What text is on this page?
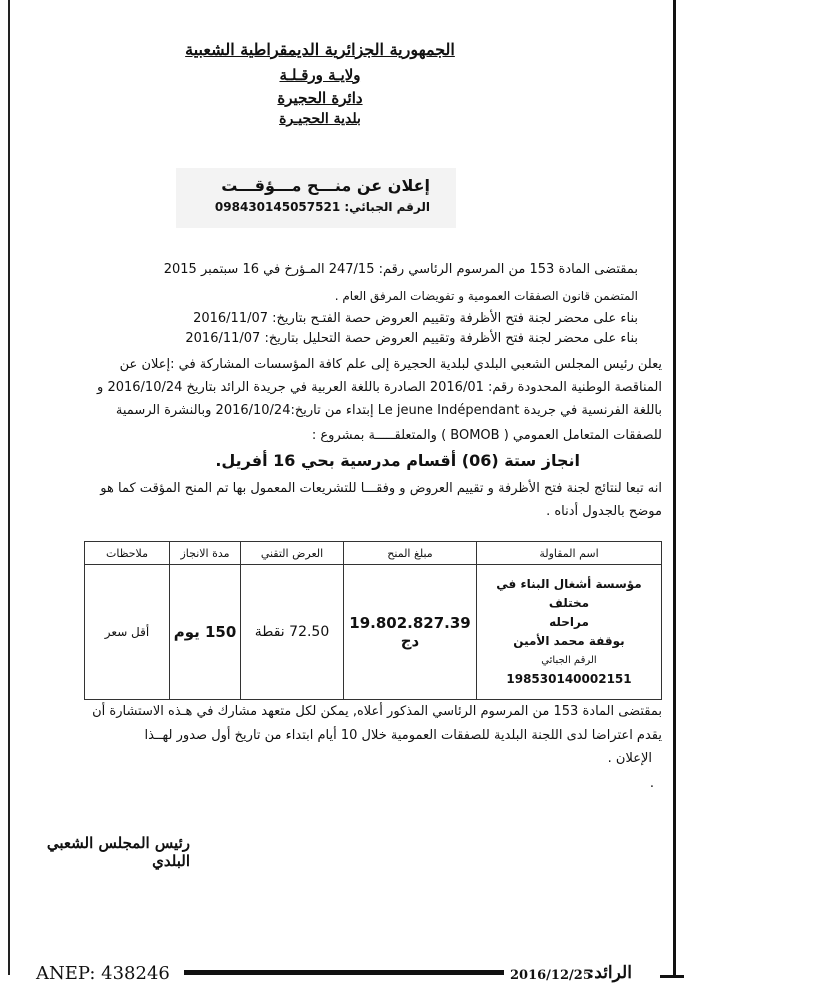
الجمهورية الجزائرية الديمقراطية الشعبية
ولايـة ورقـلـة
دائرة الحجيرة
بلدية الحجيـرة
إعلان عن منـــح مـــؤقـــت
الرقم الجبائي: 098430145057521
بمقتضى المادة 153 من المرسوم الرئاسي رقم: 247/15 المـؤرخ في 16 سبتمبر 2015
المتضمن قانون الصفقات العمومية و تفويضات المرفق العام .
بناء على محضر لجنة فتح الأظرفة وتقييم العروض حصة الفتـح بتاريخ: 2016/11/07
بناء على محضر لجنة فتح الأظرفة وتقييم العروض حصة التحليل بتاريخ: 2016/11/07
يعلن رئيس المجلس الشعبي البلدي لبلدية الحجيرة إلى علم كافة المؤسسات المشاركة في :إعلان عن
المناقصة الوطنية المحدودة رقم: 2016/01 الصادرة باللغة العربية في جريدة الرائد بتاريخ 2016/10/24 و
باللغة الفرنسية في جريدة Le jeune Indépendant إبتداء من تاريخ:2016/10/24 وبالنشرة الرسمية
للصفقات المتعامل العمومي ( BOMOB ) والمتعلقـــــة بمشروع :
انجاز ستة (06) أقسام مدرسية بحي 16 أفريل.
انه تبعا لنتائج لجنة فتح الأظرفة و تقييم العروض و وفقـــا للتشريعات المعمول بها تم المنح المؤقت كما هو
موضح بالجدول أدناه .
اسم المقاولة	مبلغ المنح	العرض التقني	مدة الانجاز	ملاحظات

مؤسسة أشغال البناء في مختلف
مراحله
بوقفة محمد الأمين
الرقم الجبائي
198530140002151	19.802.827.39 دج	72.50 نقطة	150 يوم	أقل سعر
بمقتضى المادة 153 من المرسوم الرئاسي المذكور أعلاه, يمكن لكل متعهد مشارك في هـذه الاستشارة أن
يقدم اعتراضا لدى اللجنة البلدية للصفقات العمومية خلال 10 أيام ابتداء من تاريخ أول صدور لهــذا
الإعلان .
.
رئيس المجلس الشعبي البلدي
ANEP: 438246	2016/12/25
الرائد:
